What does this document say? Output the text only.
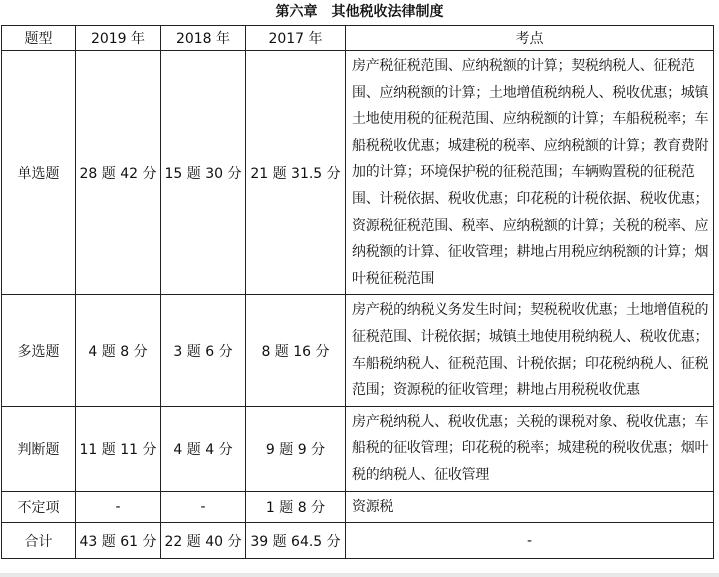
第六章　其他税收法律制度
题型	2019 年	2018 年	2017 年	考点
单选题	28 题 42 分	15 题 30 分	21 题 31.5 分	房产税征税范围、应纳税额的计算；契税纳税人、征税范围、应纳税额的计算；土地增值税纳税人、税收优惠；城镇土地使用税的征税范围、应纳税额的计算；车船税税率；车船税税收优惠；城建税的税率、应纳税额的计算；教育费附加的计算；环境保护税的征税范围；车辆购置税的征税范围、计税依据、税收优惠；印花税的计税依据、税收优惠；资源税征税范围、税率、应纳税额的计算；关税的税率、应纳税额的计算、征收管理；耕地占用税应纳税额的计算；烟叶税征税范围
多选题	4 题 8 分	3 题 6 分	8 题 16 分	房产税的纳税义务发生时间；契税税收优惠；土地增值税的征税范围、计税依据；城镇土地使用税纳税人、税收优惠；车船税纳税人、征税范围、计税依据；印花税纳税人、征税范围；资源税的征收管理；耕地占用税税收优惠
判断题	11 题 11 分	4 题 4 分	9 题 9 分	房产税纳税人、税收优惠；关税的课税对象、税收优惠；车船税的征收管理；印花税的税率；城建税的税收优惠；烟叶税的纳税人、征收管理
不定项	-	-	1 题 8 分	资源税
合计	43 题 61 分	22 题 40 分	39 题 64.5 分	-
